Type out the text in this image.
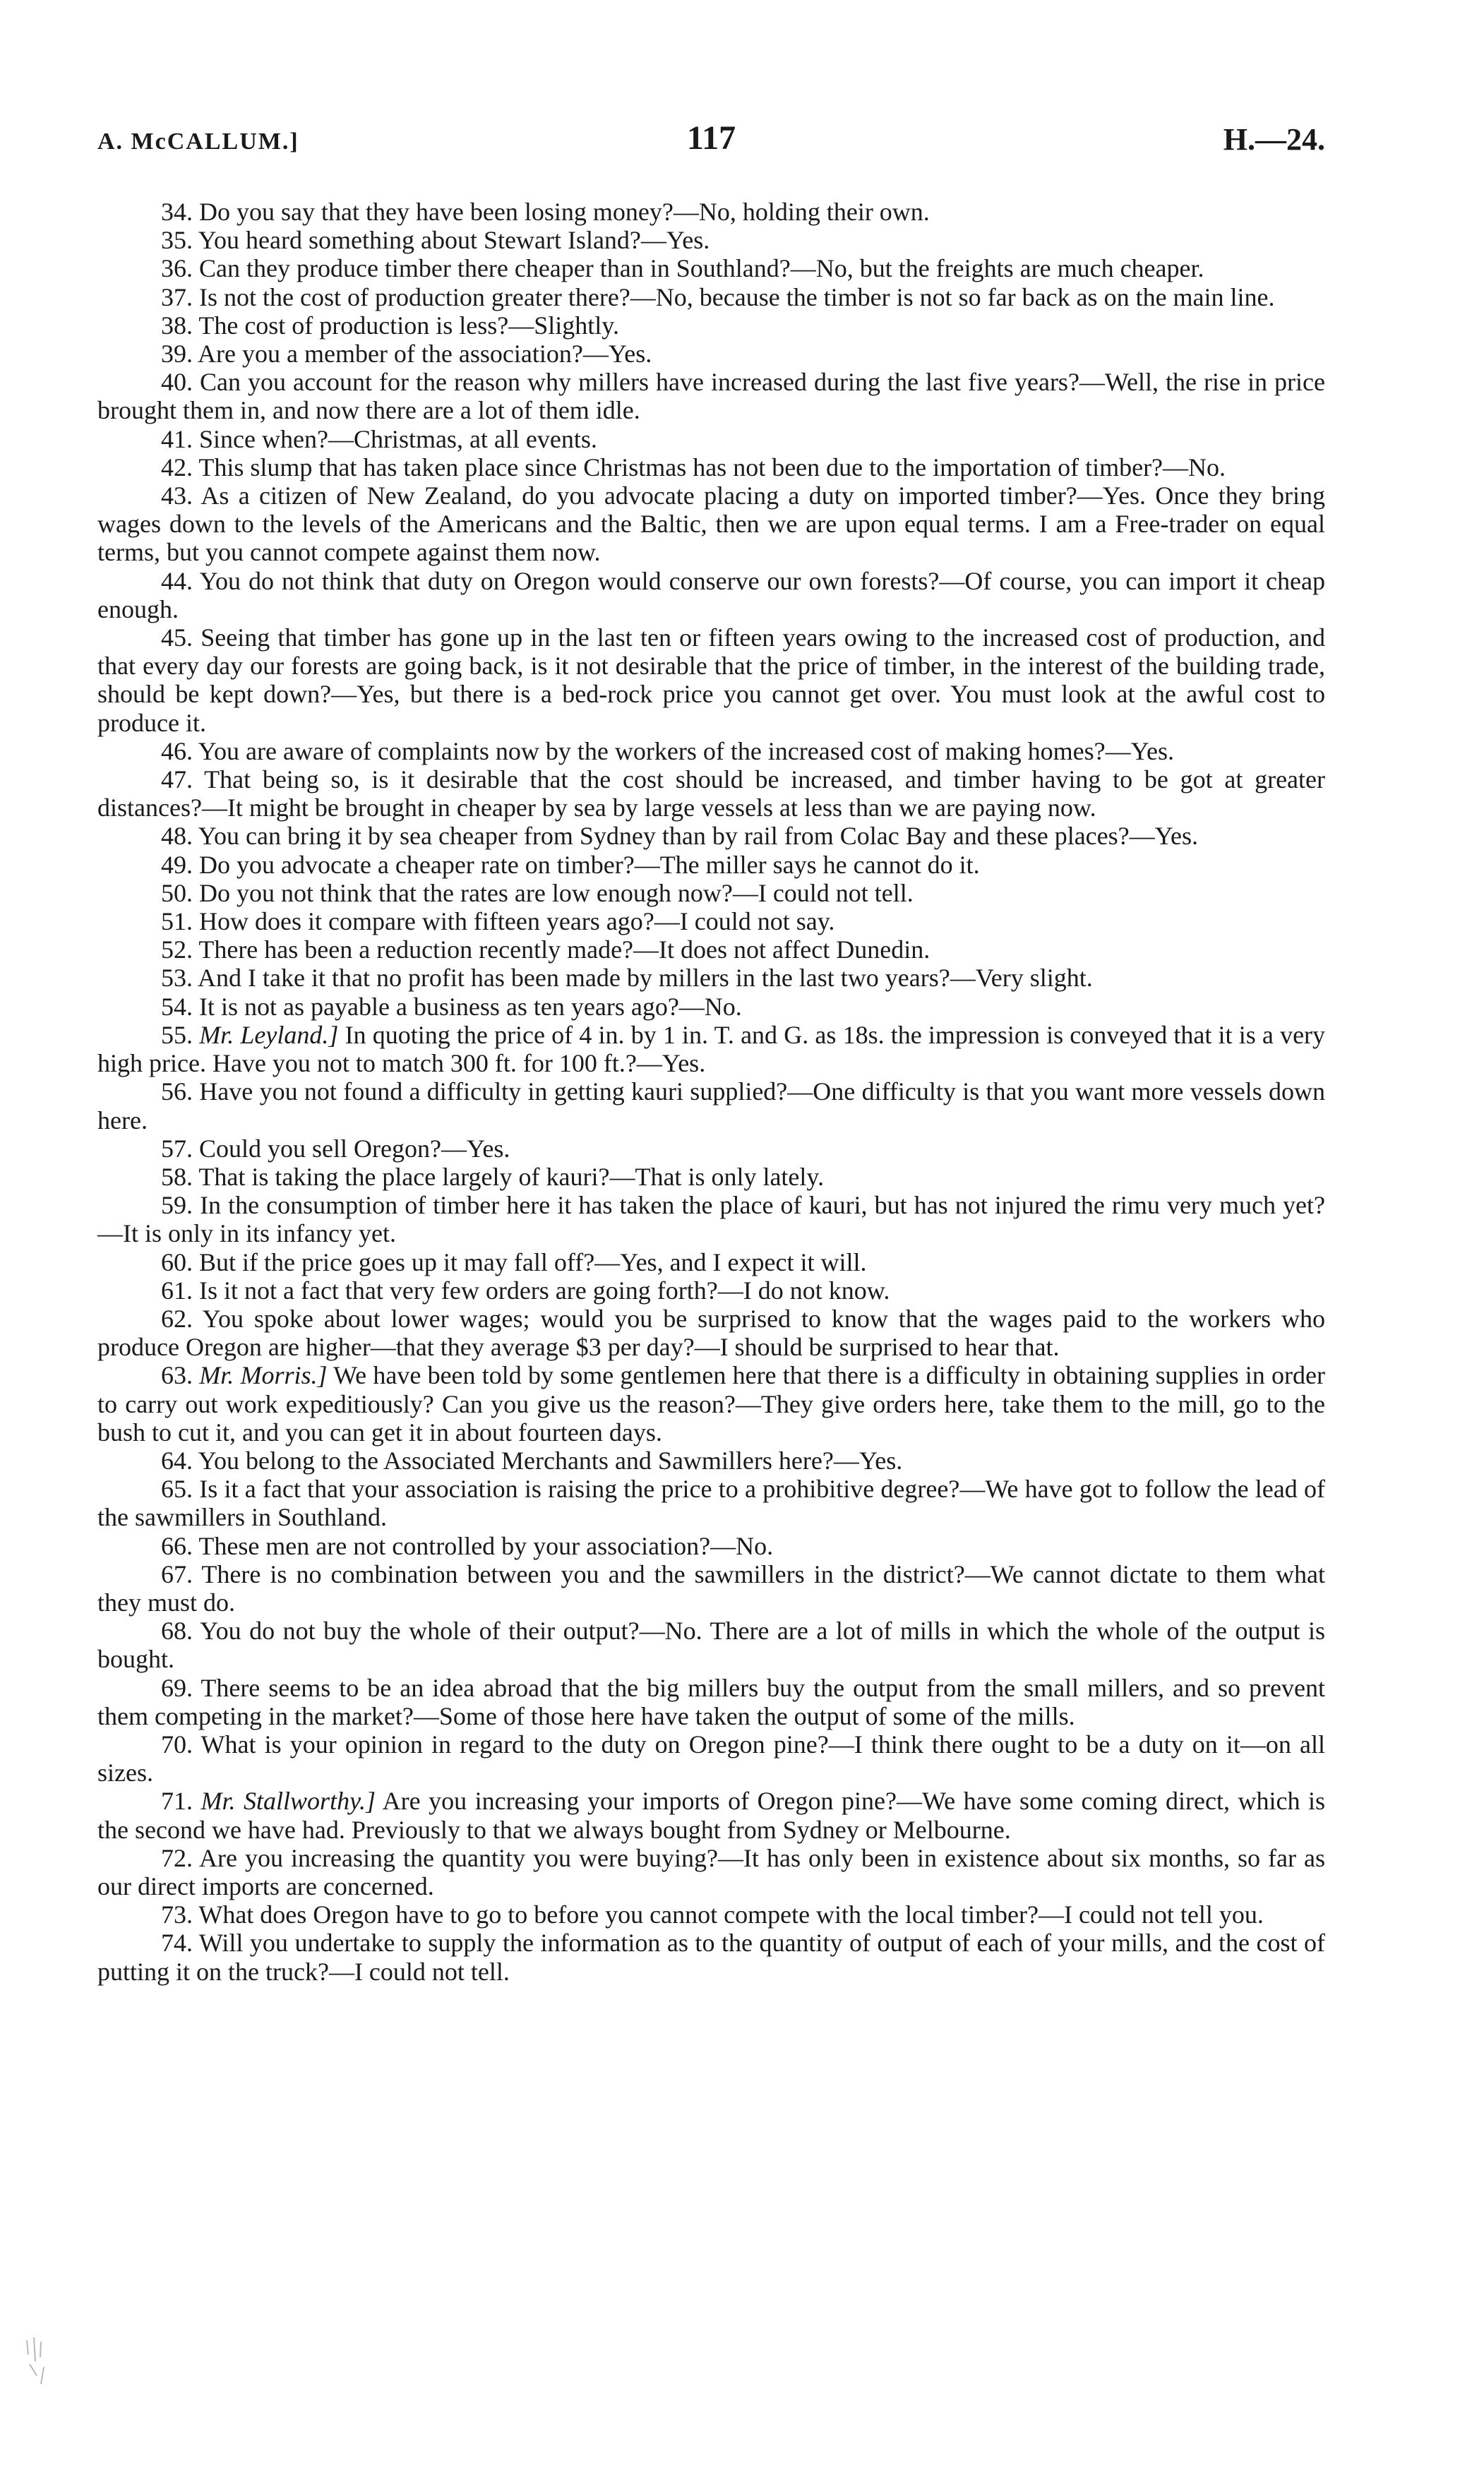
A. McCALLUM.]	117	H.—24.

34. Do you say that they have been losing money?—No, holding their own.

35. You heard something about Stewart Island?—Yes.

36. Can they produce timber there cheaper than in Southland?—No, but the freights are much cheaper.

37. Is not the cost of production greater there?—No, because the timber is not so far back as on the main line.

38. The cost of production is less?—Slightly.

39. Are you a member of the association?—Yes.

40. Can you account for the reason why millers have increased during the last five years?—Well, the rise in price brought them in, and now there are a lot of them idle.

41. Since when?—Christmas, at all events.

42. This slump that has taken place since Christmas has not been due to the importation of timber?—No.

43. As a citizen of New Zealand, do you advocate placing a duty on imported timber?—Yes. Once they bring wages down to the levels of the Americans and the Baltic, then we are upon equal terms. I am a Free-trader on equal terms, but you cannot compete against them now.

44. You do not think that duty on Oregon would conserve our own forests?—Of course, you can import it cheap enough.

45. Seeing that timber has gone up in the last ten or fifteen years owing to the increased cost of production, and that every day our forests are going back, is it not desirable that the price of timber, in the interest of the building trade, should be kept down?—Yes, but there is a bed-rock price you cannot get over. You must look at the awful cost to produce it.

46. You are aware of complaints now by the workers of the increased cost of making homes?—Yes.

47. That being so, is it desirable that the cost should be increased, and timber having to be got at greater distances?—It might be brought in cheaper by sea by large vessels at less than we are paying now.

48. You can bring it by sea cheaper from Sydney than by rail from Colac Bay and these places?—Yes.

49. Do you advocate a cheaper rate on timber?—The miller says he cannot do it.

50. Do you not think that the rates are low enough now?—I could not tell.

51. How does it compare with fifteen years ago?—I could not say.

52. There has been a reduction recently made?—It does not affect Dunedin.

53. And I take it that no profit has been made by millers in the last two years?—Very slight.

54. It is not as payable a business as ten years ago?—No.

55. Mr. Leyland.] In quoting the price of 4 in. by 1 in. T. and G. as 18s. the impression is conveyed that it is a very high price. Have you not to match 300 ft. for 100 ft.?—Yes.

56. Have you not found a difficulty in getting kauri supplied?—One difficulty is that you want more vessels down here.

57. Could you sell Oregon?—Yes.

58. That is taking the place largely of kauri?—That is only lately.

59. In the consumption of timber here it has taken the place of kauri, but has not injured the rimu very much yet?—It is only in its infancy yet.

60. But if the price goes up it may fall off?—Yes, and I expect it will.

61. Is it not a fact that very few orders are going forth?—I do not know.

62. You spoke about lower wages; would you be surprised to know that the wages paid to the workers who produce Oregon are higher—that they average $3 per day?—I should be surprised to hear that.

63. Mr. Morris.] We have been told by some gentlemen here that there is a difficulty in obtaining supplies in order to carry out work expeditiously? Can you give us the reason?—They give orders here, take them to the mill, go to the bush to cut it, and you can get it in about fourteen days.

64. You belong to the Associated Merchants and Sawmillers here?—Yes.

65. Is it a fact that your association is raising the price to a prohibitive degree?—We have got to follow the lead of the sawmillers in Southland.

66. These men are not controlled by your association?—No.

67. There is no combination between you and the sawmillers in the district?—We cannot dictate to them what they must do.

68. You do not buy the whole of their output?—No. There are a lot of mills in which the whole of the output is bought.

69. There seems to be an idea abroad that the big millers buy the output from the small millers, and so prevent them competing in the market?—Some of those here have taken the output of some of the mills.

70. What is your opinion in regard to the duty on Oregon pine?—I think there ought to be a duty on it—on all sizes.

71. Mr. Stallworthy.] Are you increasing your imports of Oregon pine?—We have some coming direct, which is the second we have had. Previously to that we always bought from Sydney or Melbourne.

72. Are you increasing the quantity you were buying?—It has only been in existence about six months, so far as our direct imports are concerned.

73. What does Oregon have to go to before you cannot compete with the local timber?—I could not tell you.

74. Will you undertake to supply the information as to the quantity of output of each of your mills, and the cost of putting it on the truck?—I could not tell.
